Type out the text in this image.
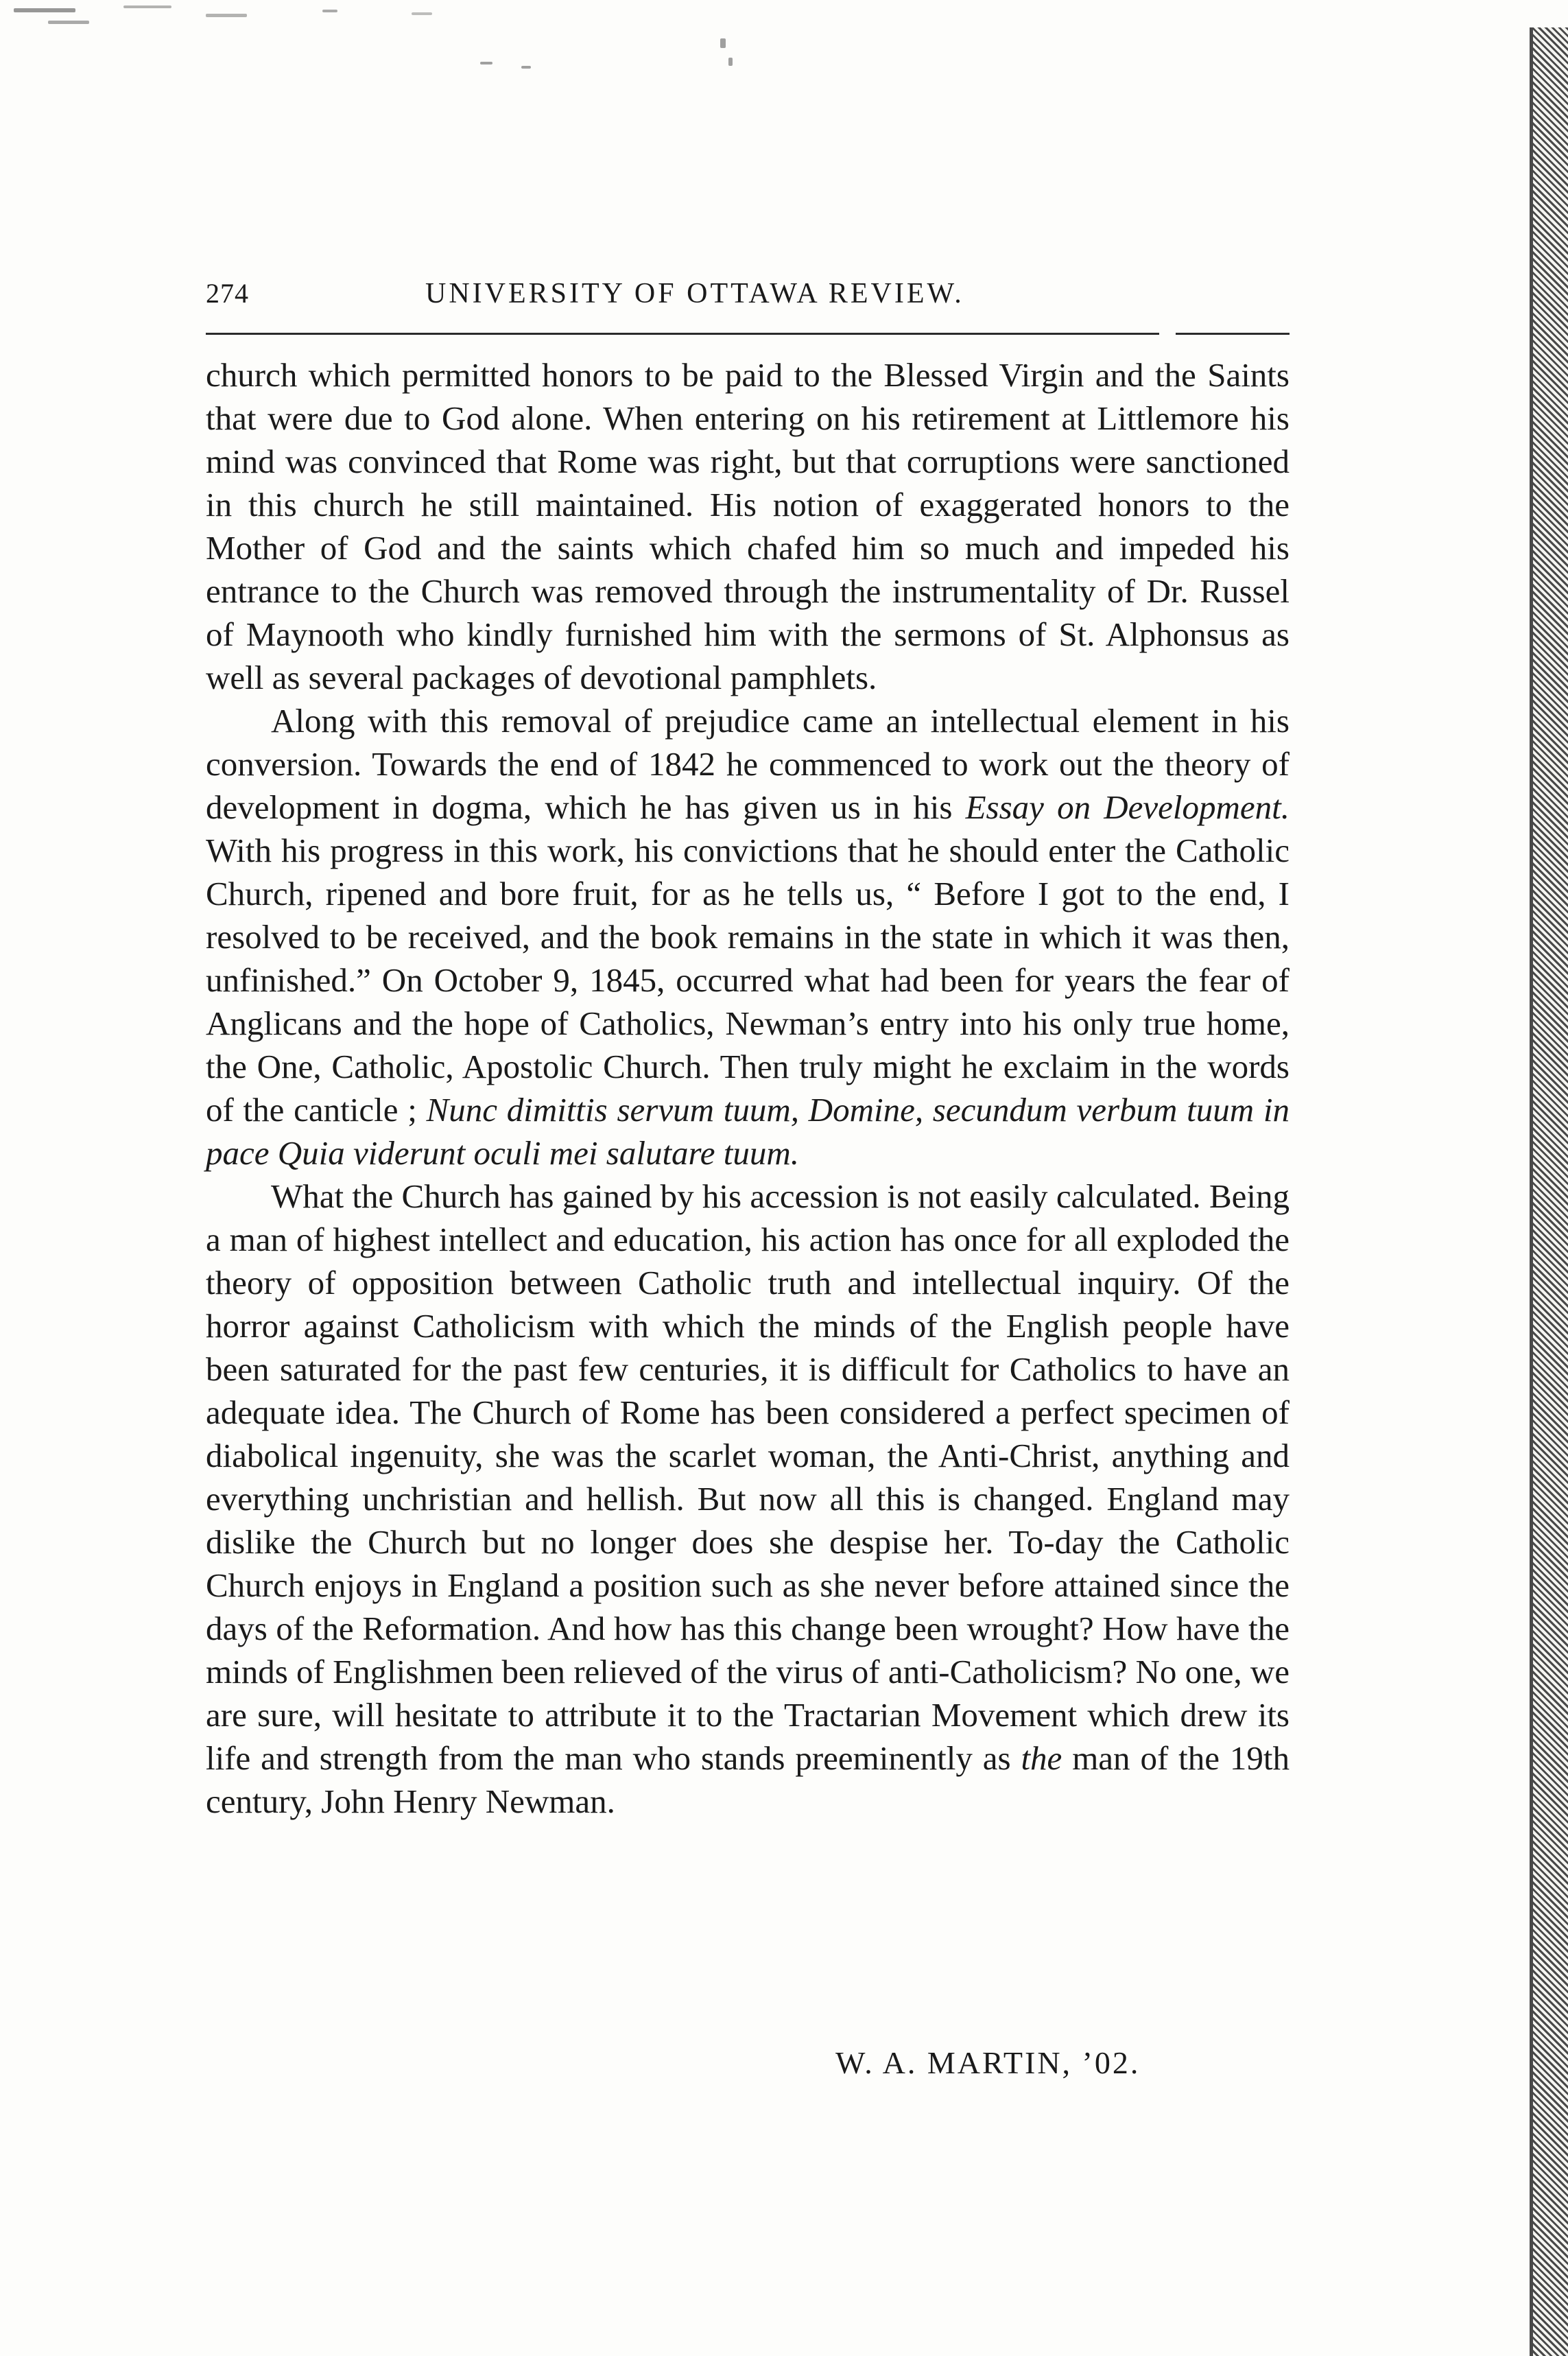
274	UNIVERSITY OF OTTAWA REVIEW.

church which permitted honors to be paid to the Blessed Virgin and the Saints that were due to God alone. When entering on his retirement at Littlemore his mind was convinced that Rome was right, but that corruptions were sanctioned in this church he still maintained. His notion of exaggerated honors to the Mother of God and the saints which chafed him so much and impeded his entrance to the Church was removed through the instrumentality of Dr. Russel of Maynooth who kindly furnished him with the sermons of St. Alphonsus as well as several packages of devotional pamphlets.

Along with this removal of prejudice came an intellectual element in his conversion. Towards the end of 1842 he commenced to work out the theory of development in dogma, which he has given us in his Essay on Development. With his progress in this work, his convictions that he should enter the Catholic Church, ripened and bore fruit, for as he tells us, “ Before I got to the end, I resolved to be received, and the book remains in the state in which it was then, unfinished.” On October 9, 1845, occurred what had been for years the fear of Anglicans and the hope of Catholics, Newman’s entry into his only true home, the One, Catholic, Apostolic Church. Then truly might he exclaim in the words of the canticle ; Nunc dimittis servum tuum, Domine, secundum verbum tuum in pace Quia viderunt oculi mei salutare tuum.

What the Church has gained by his accession is not easily calculated. Being a man of highest intellect and education, his action has once for all exploded the theory of opposition between Catholic truth and intellectual inquiry. Of the horror against Catholicism with which the minds of the English people have been saturated for the past few centuries, it is difficult for Catholics to have an adequate idea. The Church of Rome has been considered a perfect specimen of diabolical ingenuity, she was the scarlet woman, the Anti-Christ, anything and everything unchristian and hellish. But now all this is changed. England may dislike the Church but no longer does she despise her. To-day the Catholic Church enjoys in England a position such as she never before attained since the days of the Reformation. And how has this change been wrought? How have the minds of Englishmen been relieved of the virus of anti-Catholicism? No one, we are sure, will hesitate to attribute it to the Tractarian Movement which drew its life and strength from the man who stands preeminently as the man of the 19th century, John Henry Newman.

W. A. MARTIN, ’02.
